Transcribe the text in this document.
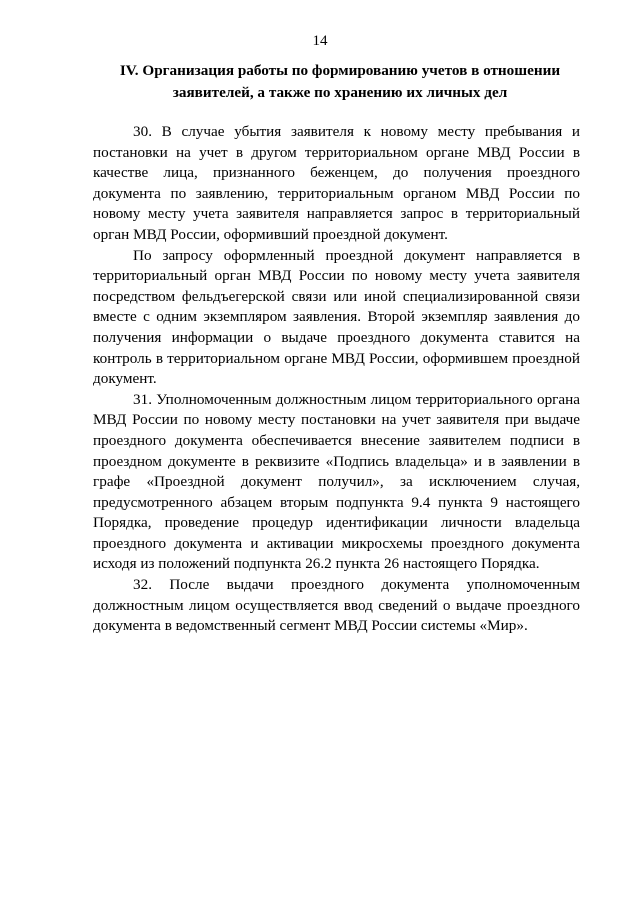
14
IV. Организация работы по формированию учетов в отношении заявителей, а также по хранению их личных дел

30. В случае убытия заявителя к новому месту пребывания и постановки на учет в другом территориальном органе МВД России в качестве лица, признанного беженцем, до получения проездного документа по заявлению, территориальным органом МВД России по новому месту учета заявителя направляется запрос в территориальный орган МВД России, оформивший проездной документ.

По запросу оформленный проездной документ направляется в территориальный орган МВД России по новому месту учета заявителя посредством фельдъегерской связи или иной специализированной связи вместе с одним экземпляром заявления. Второй экземпляр заявления до получения информации о выдаче проездного документа ставится на контроль в территориальном органе МВД России, оформившем проездной документ.

31. Уполномоченным должностным лицом территориального органа МВД России по новому месту постановки на учет заявителя при выдаче проездного документа обеспечивается внесение заявителем подписи в проездном документе в реквизите «Подпись владельца» и в заявлении в графе «Проездной документ получил», за исключением случая, предусмотренного абзацем вторым подпункта 9.4 пункта 9 настоящего Порядка, проведение процедур идентификации личности владельца проездного документа и активации микросхемы проездного документа исходя из положений подпункта 26.2 пункта 26 настоящего Порядка.

32. После выдачи проездного документа уполномоченным должностным лицом осуществляется ввод сведений о выдаче проездного документа в ведомственный сегмент МВД России системы «Мир».
